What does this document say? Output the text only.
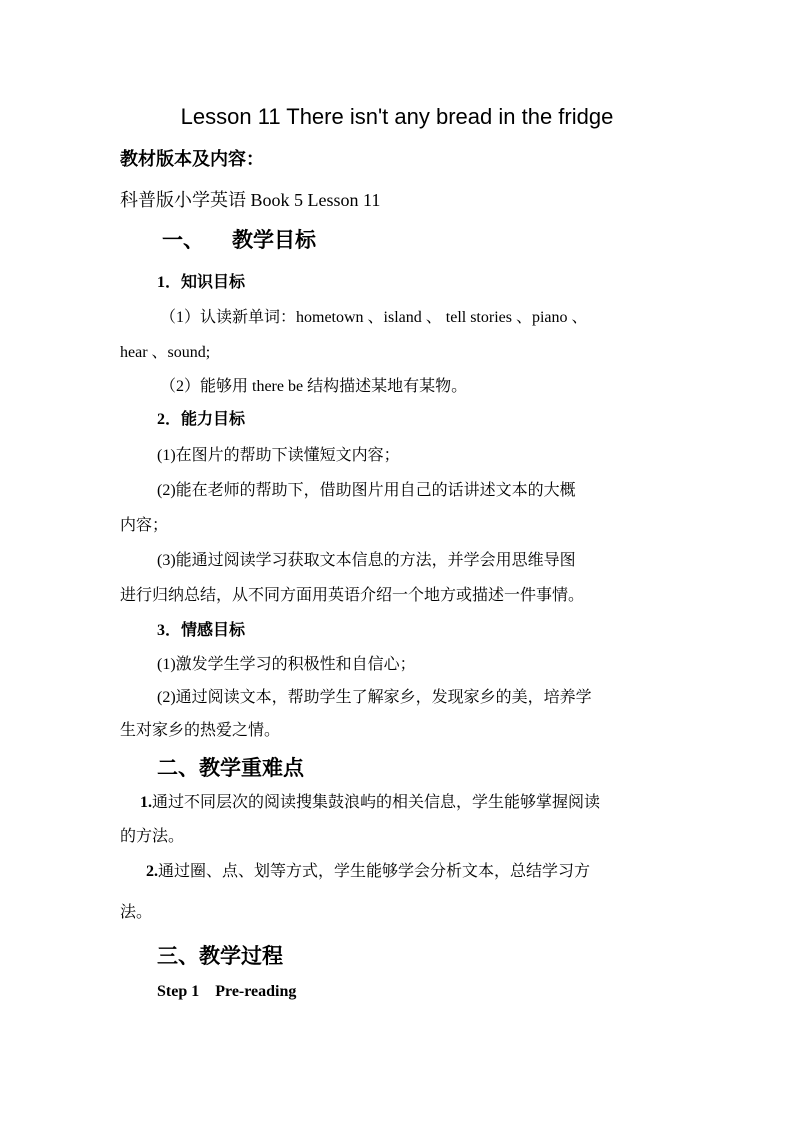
Lesson 11 There isn't any bread in the fridge
教材版本及内容：
科普版小学英语 Book 5 Lesson 11
一、 教学目标
1．知识目标
（1）认读新单词：hometown 、island 、 tell stories 、piano 、
hear 、sound;
（2）能够用 there be 结构描述某地有某物。
2．能力目标
(1)在图片的帮助下读懂短文内容；
(2)能在老师的帮助下，借助图片用自己的话讲述文本的大概
内容；
(3)能通过阅读学习获取文本信息的方法，并学会用思维导图
进行归纳总结，从不同方面用英语介绍一个地方或描述一件事情。
3．情感目标
(1)激发学生学习的积极性和自信心；
(2)通过阅读文本，帮助学生了解家乡，发现家乡的美，培养学
生对家乡的热爱之情。
二、教学重难点
1.通过不同层次的阅读搜集鼓浪屿的相关信息，学生能够掌握阅读
的方法。
2.通过圈、点、划等方式，学生能够学会分析文本，总结学习方
法。
三、教学过程
Step 1    Pre-reading
